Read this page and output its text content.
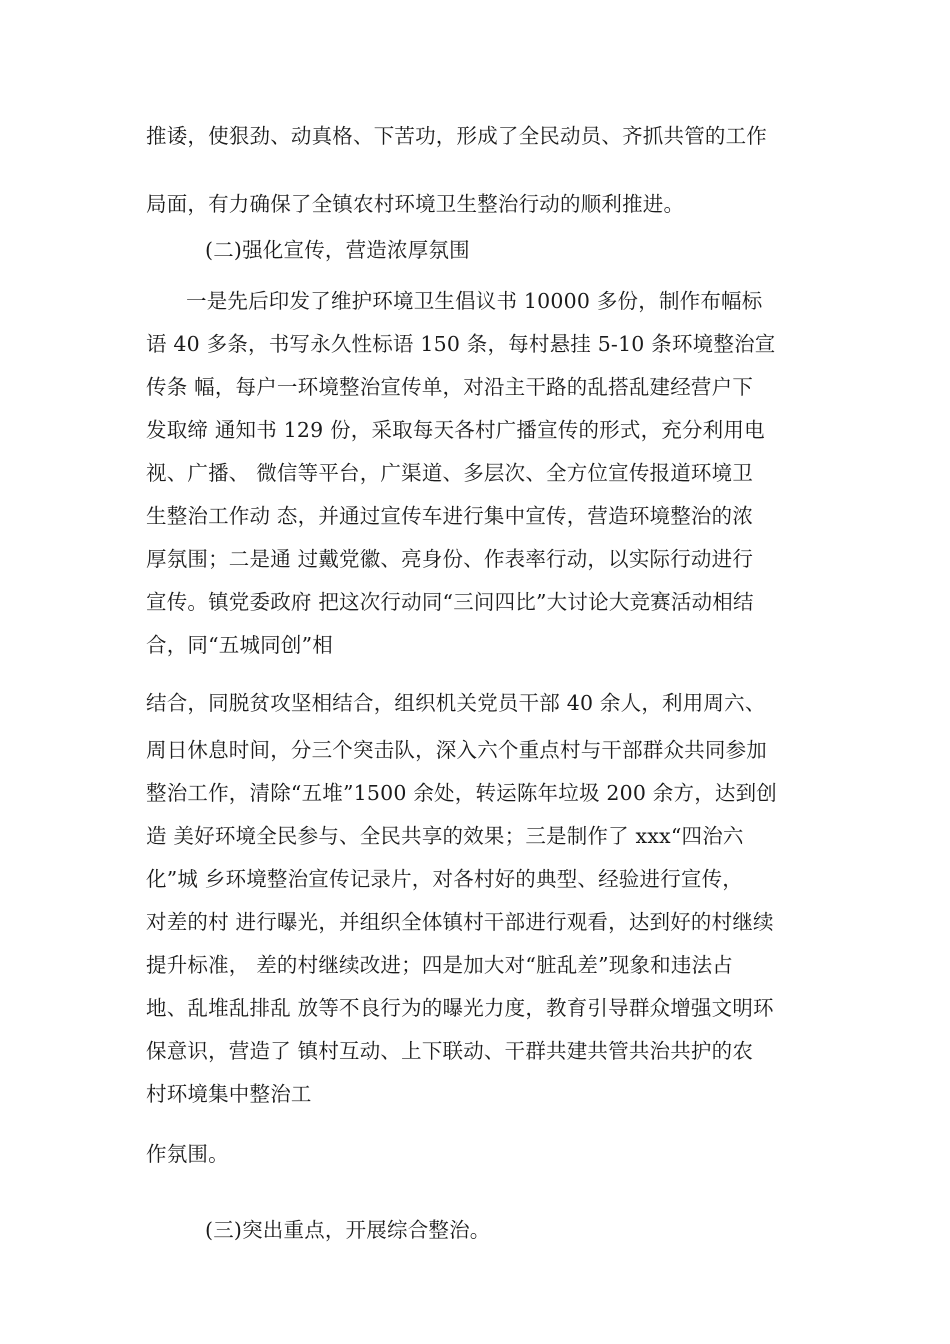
推诿，使狠劲、动真格、下苦功，形成了全民动员、齐抓共管的工作
局面，有力确保了全镇农村环境卫生整治行动的顺利推进。
(二)强化宣传，营造浓厚氛围
一是先后印发了维护环境卫生倡议书 10000 多份，制作布幅标
语 40 多条，书写永久性标语 150 条，每村悬挂 5-10 条环境整治宣
传条 幅，每户一环境整治宣传单，对沿主干路的乱搭乱建经营户下
发取缔 通知书 129 份，采取每天各村广播宣传的形式，充分利用电
视、广播、 微信等平台，广渠道、多层次、全方位宣传报道环境卫
生整治工作动 态，并通过宣传车进行集中宣传，营造环境整治的浓
厚氛围；二是通 过戴党徽、亮身份、作表率行动，以实际行动进行
宣传。镇党委政府 把这次行动同“三问四比”大讨论大竞赛活动相结
合，同“五城同创”相
结合，同脱贫攻坚相结合，组织机关党员干部 40 余人，利用周六、
周日休息时间，分三个突击队，深入六个重点村与干部群众共同参加
整治工作，清除“五堆”1500 余处，转运陈年垃圾 200 余方，达到创
造 美好环境全民参与、全民共享的效果；三是制作了 xxx“四治六
化”城 乡环境整治宣传记录片，对各村好的典型、经验进行宣传，
对差的村 进行曝光，并组织全体镇村干部进行观看，达到好的村继续
提升标准， 差的村继续改进；四是加大对“脏乱差”现象和违法占
地、乱堆乱排乱 放等不良行为的曝光力度，教育引导群众增强文明环
保意识，营造了 镇村互动、上下联动、干群共建共管共治共护的农
村环境集中整治工
作氛围。
(三)突出重点，开展综合整治。
